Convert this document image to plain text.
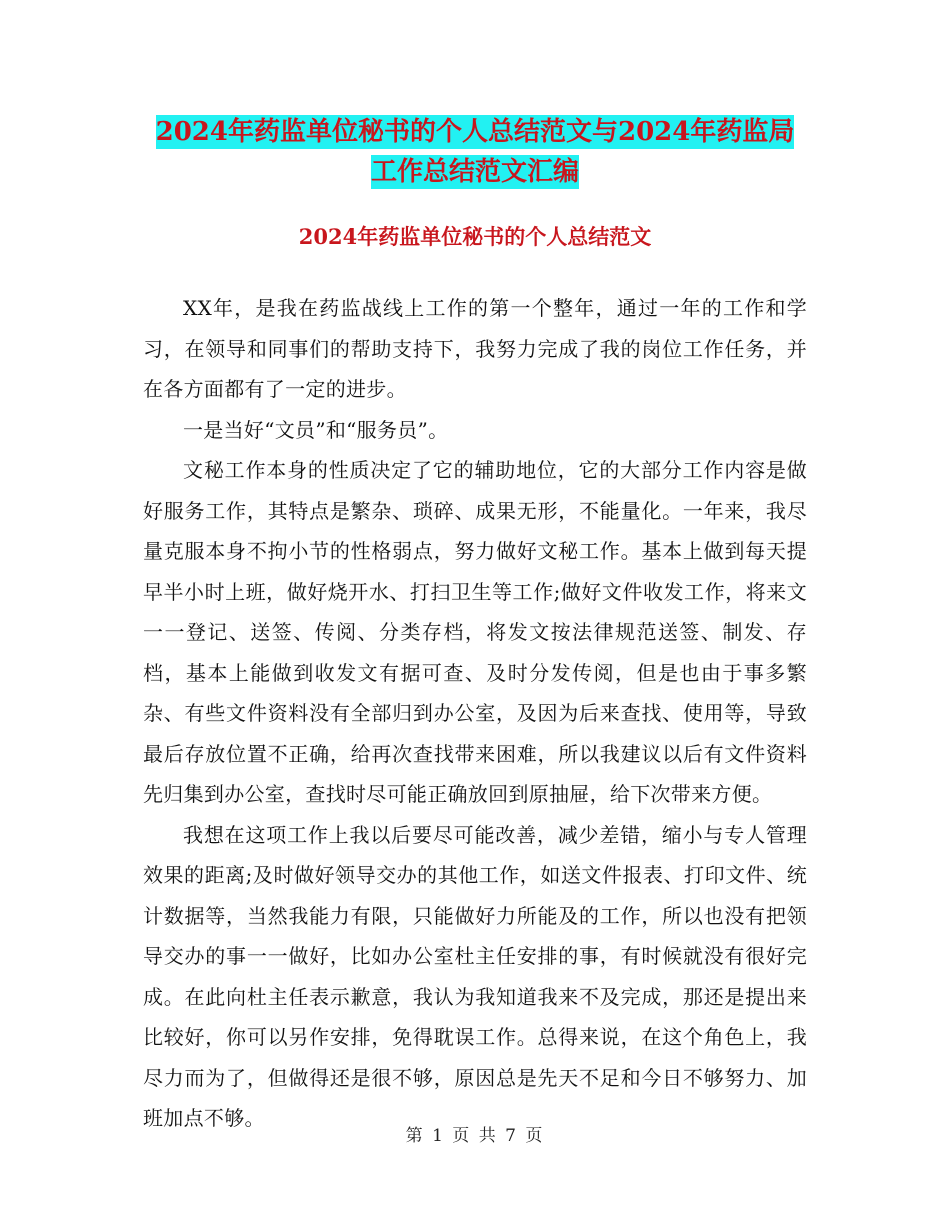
2024年药监单位秘书的个人总结范文与2024年药监局
工作总结范文汇编
2024年药监单位秘书的个人总结范文

XX年，是我在药监战线上工作的第一个整年，通过一年的工作和学习，在领导和同事们的帮助支持下，我努力完成了我的岗位工作任务，并在各方面都有了一定的进步。

一是当好“文员”和“服务员”。

文秘工作本身的性质决定了它的辅助地位，它的大部分工作内容是做好服务工作，其特点是繁杂、琐碎、成果无形，不能量化。一年来，我尽量克服本身不拘小节的性格弱点，努力做好文秘工作。基本上做到每天提早半小时上班，做好烧开水、打扫卫生等工作;做好文件收发工作，将来文一一登记、送签、传阅、分类存档，将发文按法律规范送签、制发、存档，基本上能做到收发文有据可查、及时分发传阅，但是也由于事多繁杂、有些文件资料没有全部归到办公室，及因为后来查找、使用等，导致最后存放位置不正确，给再次查找带来困难，所以我建议以后有文件资料先归集到办公室，查找时尽可能正确放回到原抽屉，给下次带来方便。

我想在这项工作上我以后要尽可能改善，减少差错，缩小与专人管理效果的距离;及时做好领导交办的其他工作，如送文件报表、打印文件、统计数据等，当然我能力有限，只能做好力所能及的工作，所以也没有把领导交办的事一一做好，比如办公室杜主任安排的事，有时候就没有很好完成。在此向杜主任表示歉意，我认为我知道我来不及完成，那还是提出来比较好，你可以另作安排，免得耽误工作。总得来说，在这个角色上，我尽力而为了，但做得还是很不够，原因总是先天不足和今日不够努力、加班加点不够。

第 1 页 共 7 页
